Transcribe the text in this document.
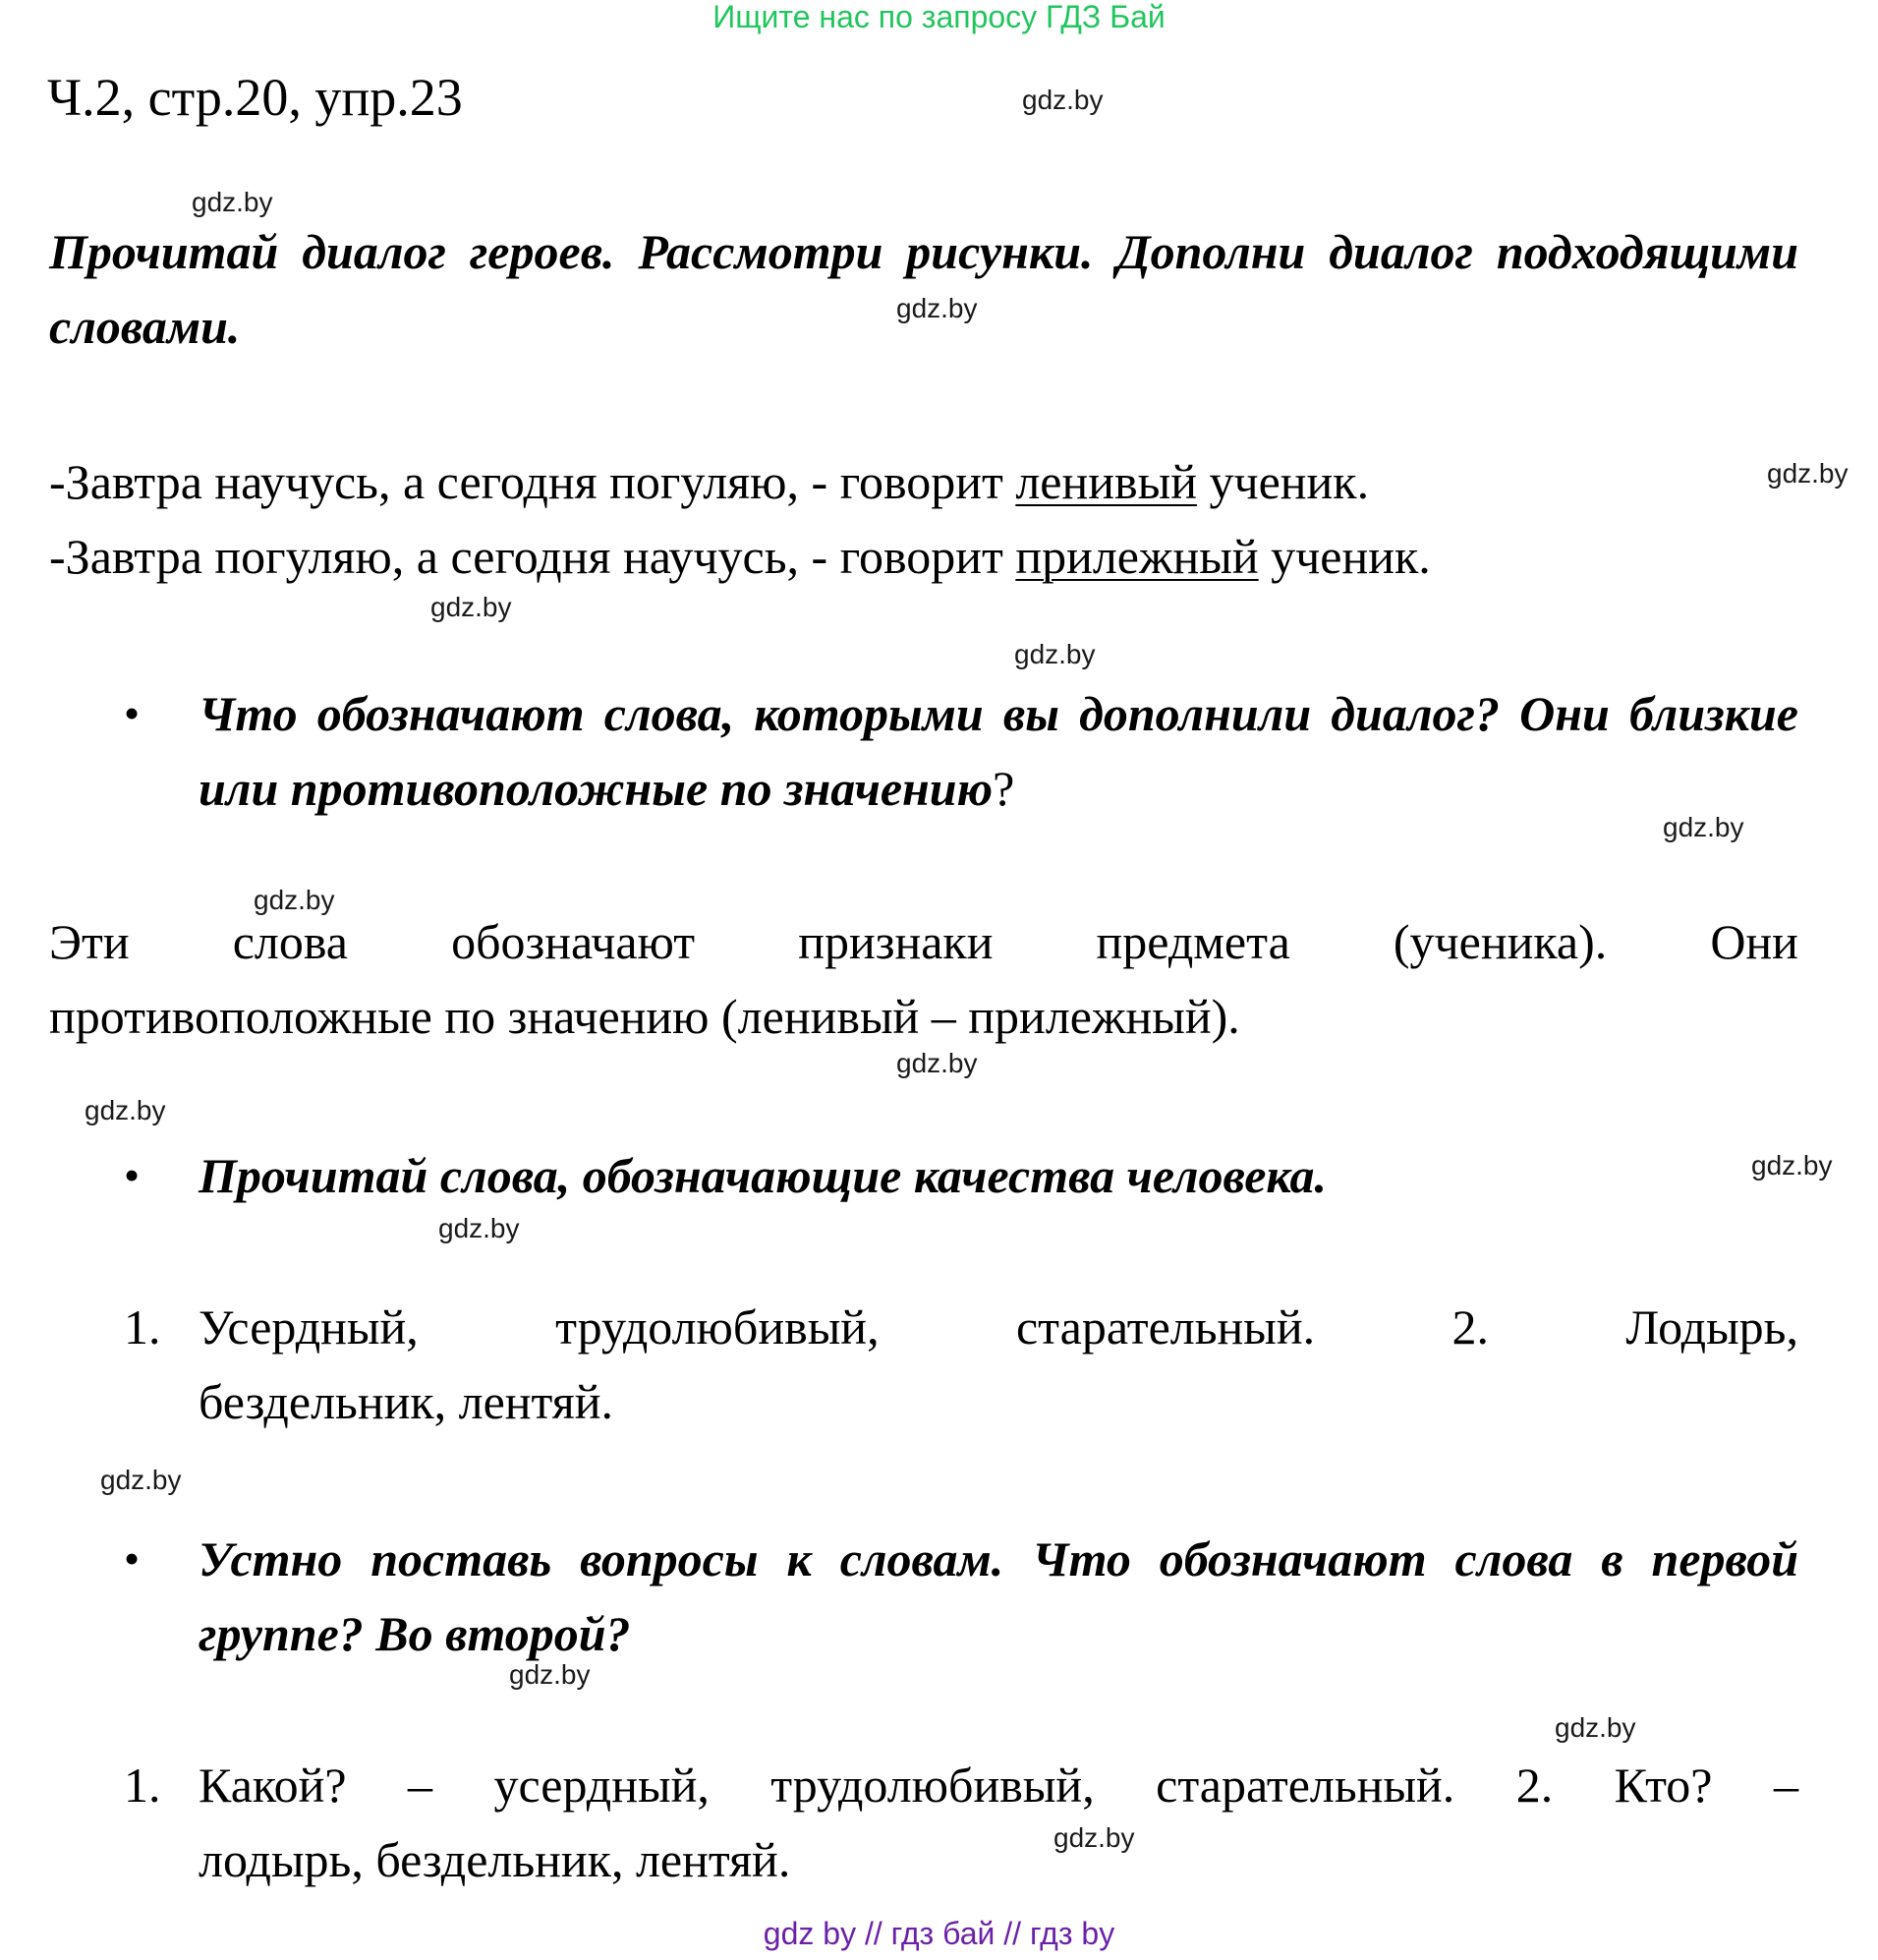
Ищите нас по запросу ГДЗ Бай
Ч.2, стр.20, упр.23
Прочитай диалог героев. Рассмотри рисунки. Дополни диалог подходящими словами.
-Завтра научусь, а сегодня погуляю, - говорит ленивый ученик.
-Завтра погуляю, а сегодня научусь, - говорит прилежный ученик.
• Что обозначают слова, которыми вы дополнили диалог? Они близкие или противоположные по значению?
Эти слова обозначают признаки предмета (ученика). Они
противоположные по значению (ленивый – прилежный).
• Прочитай слова, обозначающие качества человека.
1. Усердный,	трудолюбивый,	старательный.	2.	Лодырь,
бездельник, лентяй.
• Устно поставь вопросы к словам. Что обозначают слова в первой группе? Во второй?
1. Какой? – усердный, трудолюбивый, старательный. 2. Кто? –
лодырь, бездельник, лентяй.
gdz.by
gdz.by
gdz.by
gdz.by
gdz.by
gdz.by
gdz.by
gdz.by
gdz.by
gdz.by
gdz.by
gdz.by
gdz.by
gdz.by
gdz.by
gdz.by
gdz by // гдз бай // гдз by
